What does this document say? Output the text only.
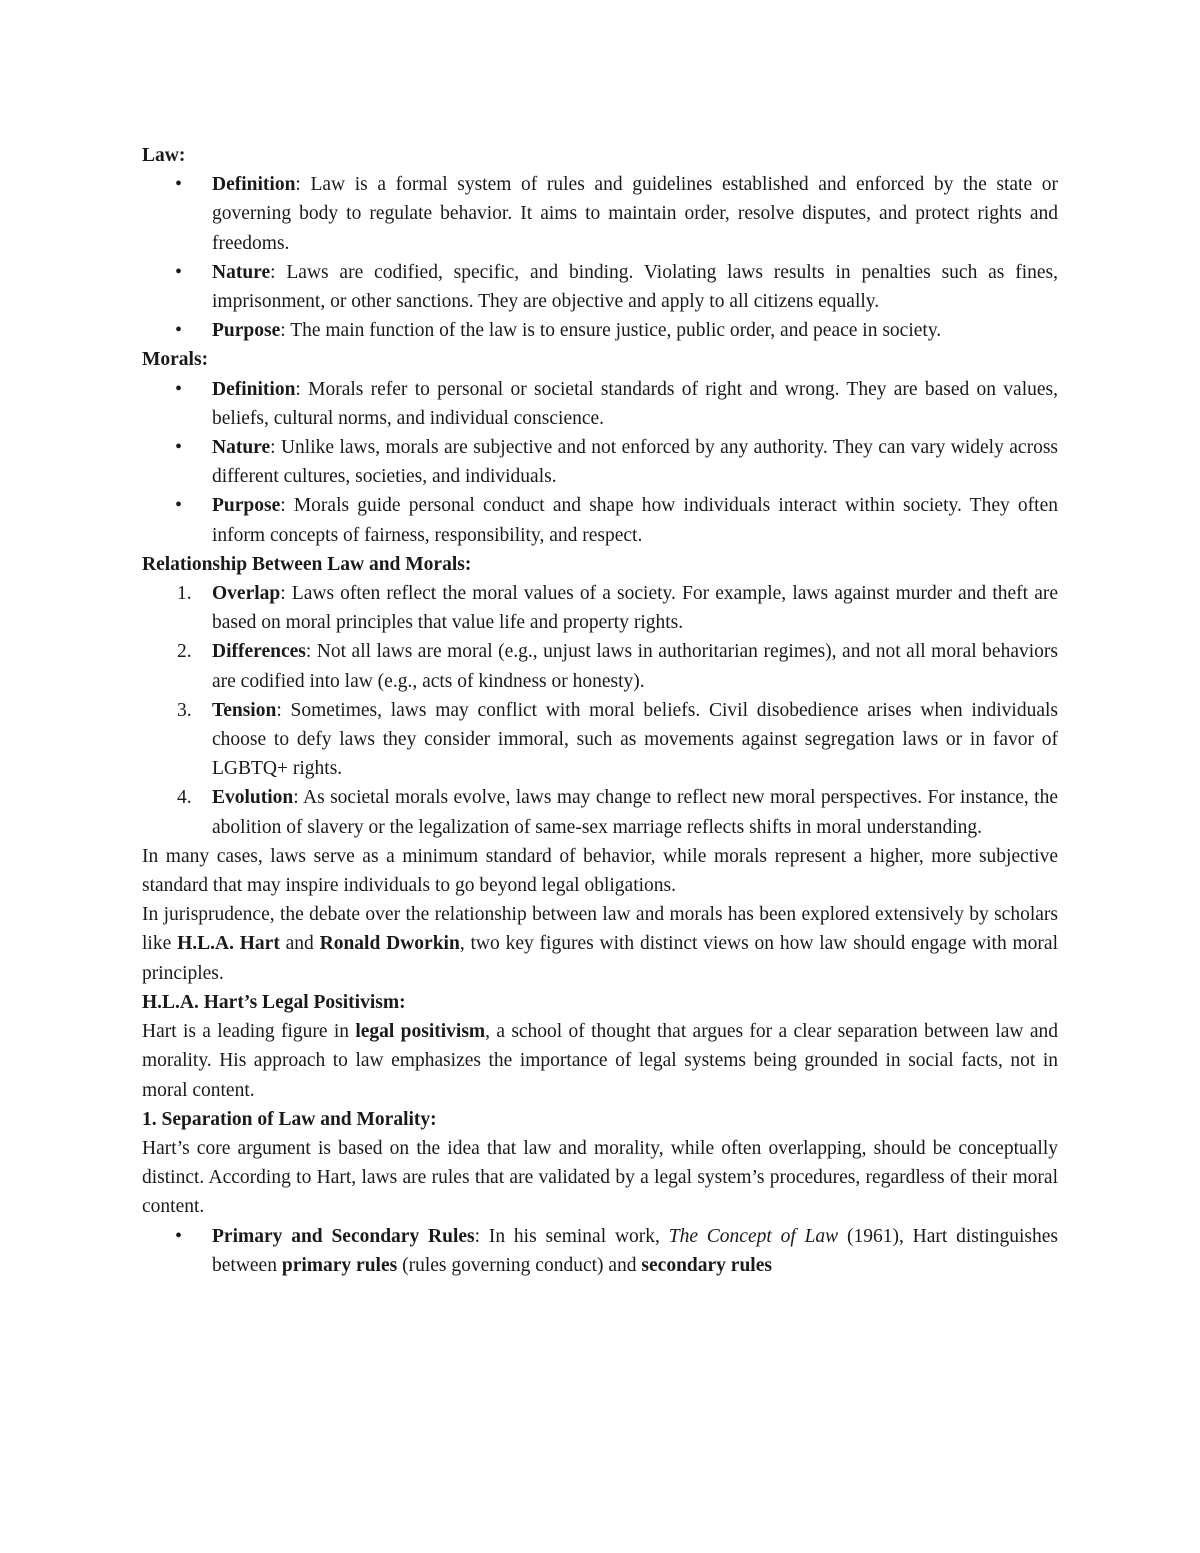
Law:

•	Definition: Law is a formal system of rules and guidelines established and enforced by the state or governing body to regulate behavior. It aims to maintain order, resolve disputes, and protect rights and freedoms.
•	Nature: Laws are codified, specific, and binding. Violating laws results in penalties such as fines, imprisonment, or other sanctions. They are objective and apply to all citizens equally.
•	Purpose: The main function of the law is to ensure justice, public order, and peace in society.

Morals:

•	Definition: Morals refer to personal or societal standards of right and wrong. They are based on values, beliefs, cultural norms, and individual conscience.
•	Nature: Unlike laws, morals are subjective and not enforced by any authority. They can vary widely across different cultures, societies, and individuals.
•	Purpose: Morals guide personal conduct and shape how individuals interact within society. They often inform concepts of fairness, responsibility, and respect.

Relationship Between Law and Morals:

1.	Overlap: Laws often reflect the moral values of a society. For example, laws against murder and theft are based on moral principles that value life and property rights.
2.	Differences: Not all laws are moral (e.g., unjust laws in authoritarian regimes), and not all moral behaviors are codified into law (e.g., acts of kindness or honesty).
3.	Tension: Sometimes, laws may conflict with moral beliefs. Civil disobedience arises when individuals choose to defy laws they consider immoral, such as movements against segregation laws or in favor of LGBTQ+ rights.
4.	Evolution: As societal morals evolve, laws may change to reflect new moral perspectives. For instance, the abolition of slavery or the legalization of same-sex marriage reflects shifts in moral understanding.

In many cases, laws serve as a minimum standard of behavior, while morals represent a higher, more subjective standard that may inspire individuals to go beyond legal obligations.

In jurisprudence, the debate over the relationship between law and morals has been explored extensively by scholars like H.L.A. Hart and Ronald Dworkin, two key figures with distinct views on how law should engage with moral principles.

H.L.A. Hart’s Legal Positivism:

Hart is a leading figure in legal positivism, a school of thought that argues for a clear separation between law and morality. His approach to law emphasizes the importance of legal systems being grounded in social facts, not in moral content.

1. Separation of Law and Morality:

Hart’s core argument is based on the idea that law and morality, while often overlapping, should be conceptually distinct. According to Hart, laws are rules that are validated by a legal system’s procedures, regardless of their moral content.

•	Primary and Secondary Rules: In his seminal work, The Concept of Law (1961), Hart distinguishes between primary rules (rules governing conduct) and secondary rules
